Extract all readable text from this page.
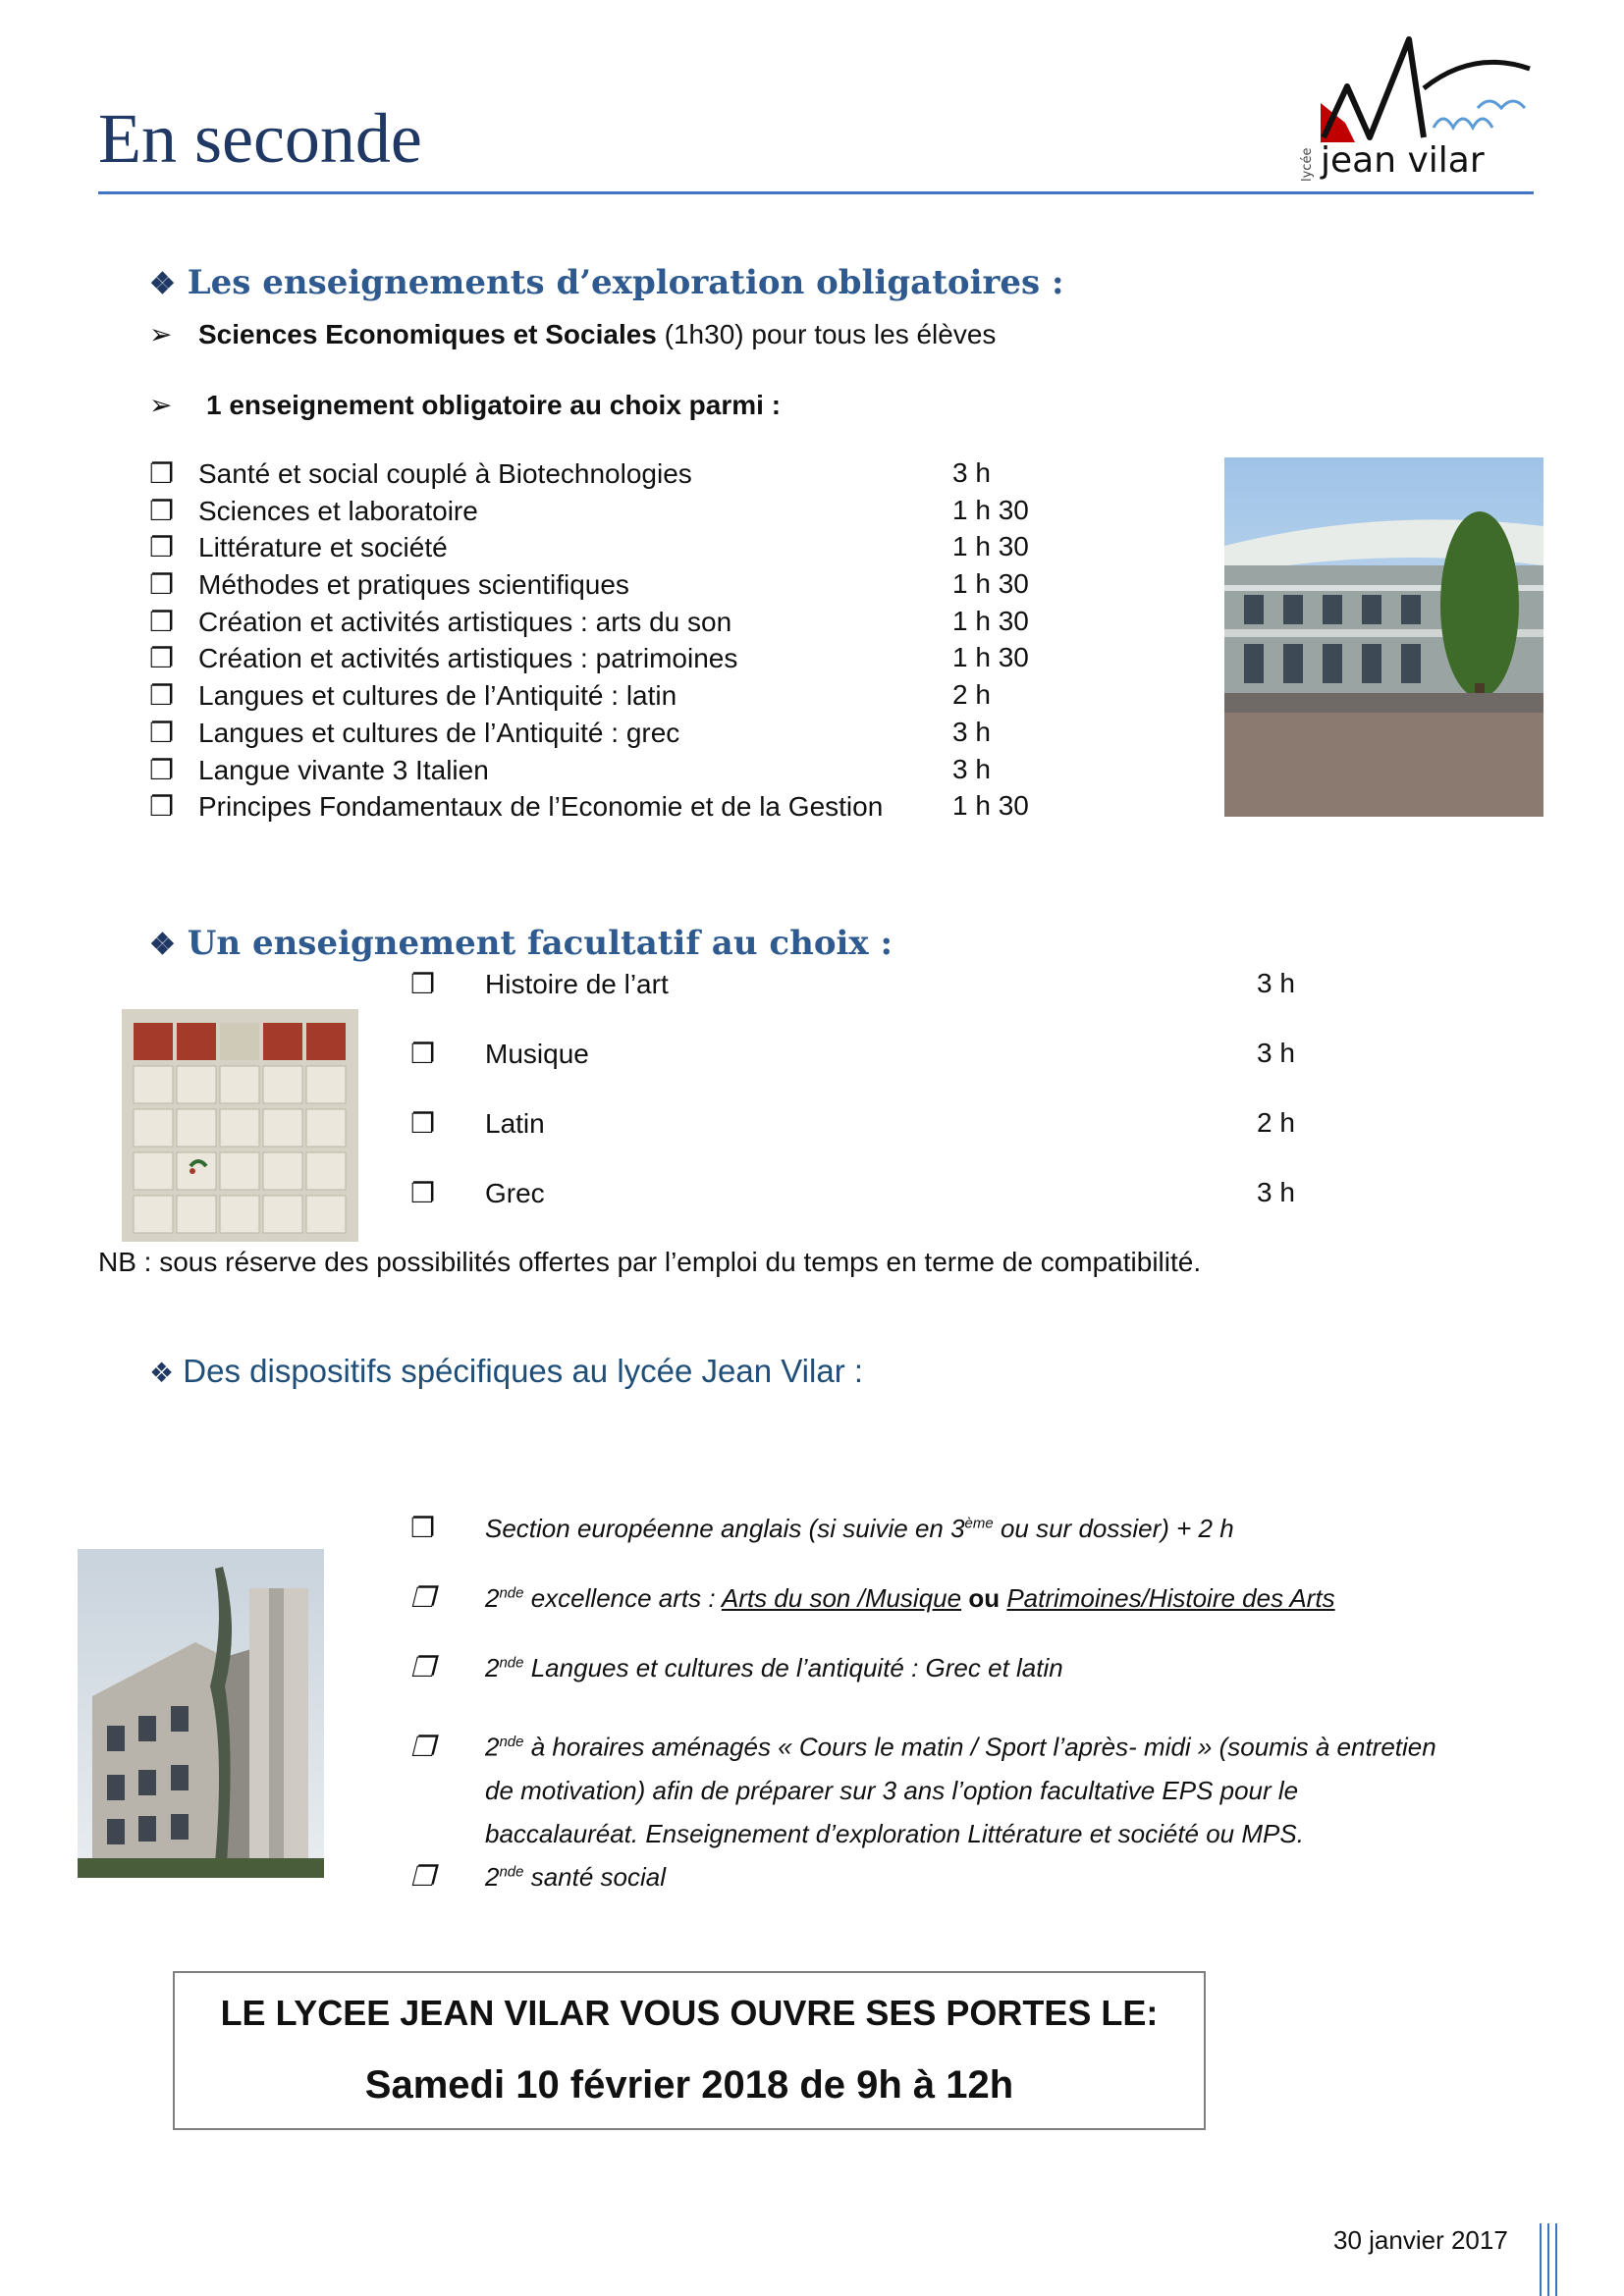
En seconde	lycée jean vilar
❖ Les enseignements d’exploration obligatoires :
➢ Sciences Economiques et Sociales (1h30) pour tous les élèves
➢ 1 enseignement obligatoire au choix parmi :
❐ Santé et social couplé à Biotechnologies	3 h
❐ Sciences et laboratoire	1 h 30
❐ Littérature et société	1 h 30
❐ Méthodes et pratiques scientifiques	1 h 30
❐ Création et activités artistiques : arts du son	1 h 30
❐ Création et activités artistiques : patrimoines	1 h 30
❐ Langues et cultures de l’Antiquité : latin	2 h
❐ Langues et cultures de l’Antiquité : grec	3 h
❐ Langue vivante 3 Italien	3 h
❐ Principes Fondamentaux de l’Economie et de la Gestion	1 h 30
❖ Un enseignement facultatif au choix :
❐ Histoire de l’art	3 h
❐ Musique	3 h
❐ Latin	2 h
❐ Grec	3 h
NB : sous réserve des possibilités offertes par l’emploi du temps en terme de compatibilité.
❖ Des dispositifs spécifiques au lycée Jean Vilar :
❐ Section européenne anglais (si suivie en 3ème ou sur dossier) + 2 h
❐ 2nde excellence arts : Arts du son /Musique ou Patrimoines/Histoire des Arts
❐ 2nde Langues et cultures de l’antiquité : Grec et latin
❐ 2nde à horaires aménagés « Cours le matin / Sport l’après- midi » (soumis à entretien
de motivation) afin de préparer sur 3 ans l’option facultative EPS pour le
baccalauréat. Enseignement d’exploration Littérature et société ou MPS.
❐ 2nde santé social
LE LYCEE JEAN VILAR VOUS OUVRE SES PORTES LE:
Samedi 10 février 2018 de 9h à 12h
30 janvier 2017
